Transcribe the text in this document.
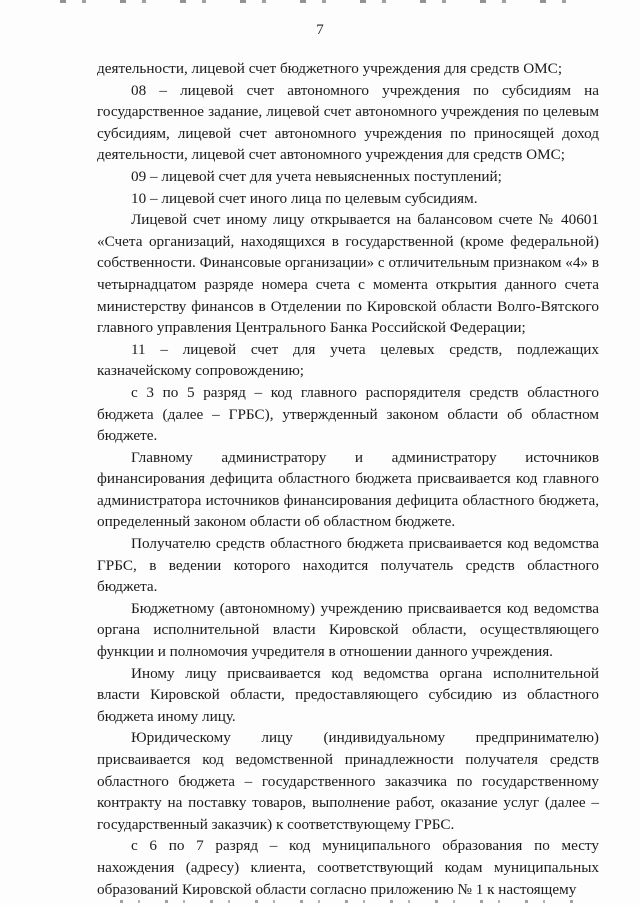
7

деятельности, лицевой счет бюджетного учреждения для средств ОМС;

08 – лицевой счет автономного учреждения по субсидиям на государственное задание, лицевой счет автономного учреждения по целевым субсидиям, лицевой счет автономного учреждения по приносящей доход деятельности, лицевой счет автономного учреждения для средств ОМС;

09 – лицевой счет для учета невыясненных поступлений;

10 – лицевой счет иного лица по целевым субсидиям.

Лицевой счет иному лицу открывается на балансовом счете № 40601 «Счета организаций, находящихся в государственной (кроме федеральной) собственности. Финансовые организации» с отличительным признаком «4» в четырнадцатом разряде номера счета с момента открытия данного счета министерству финансов в Отделении по Кировской области Волго-Вятского главного управления Центрального Банка Российской Федерации;

11 – лицевой счет для учета целевых средств, подлежащих казначейскому сопровождению;

с 3 по 5 разряд – код главного распорядителя средств областного бюджета (далее – ГРБС), утвержденный законом области об областном бюджете.

Главному администратору и администратору источников финансирования дефицита областного бюджета присваивается код главного администратора источников финансирования дефицита областного бюджета, определенный законом области об областном бюджете.

Получателю средств областного бюджета присваивается код ведомства ГРБС, в ведении которого находится получатель средств областного бюджета.

Бюджетному (автономному) учреждению присваивается код ведомства органа исполнительной власти Кировской области, осуществляющего функции и полномочия учредителя в отношении данного учреждения.

Иному лицу присваивается код ведомства органа исполнительной власти Кировской области, предоставляющего субсидию из областного бюджета иному лицу.

Юридическому лицу (индивидуальному предпринимателю) присваивается код ведомственной принадлежности получателя средств областного бюджета – государственного заказчика по государственному контракту на поставку товаров, выполнение работ, оказание услуг (далее – государственный заказчик) к соответствующему ГРБС.

с 6 по 7 разряд – код муниципального образования по месту нахождения (адресу) клиента, соответствующий кодам муниципальных образований Кировской области согласно приложению № 1 к настоящему
